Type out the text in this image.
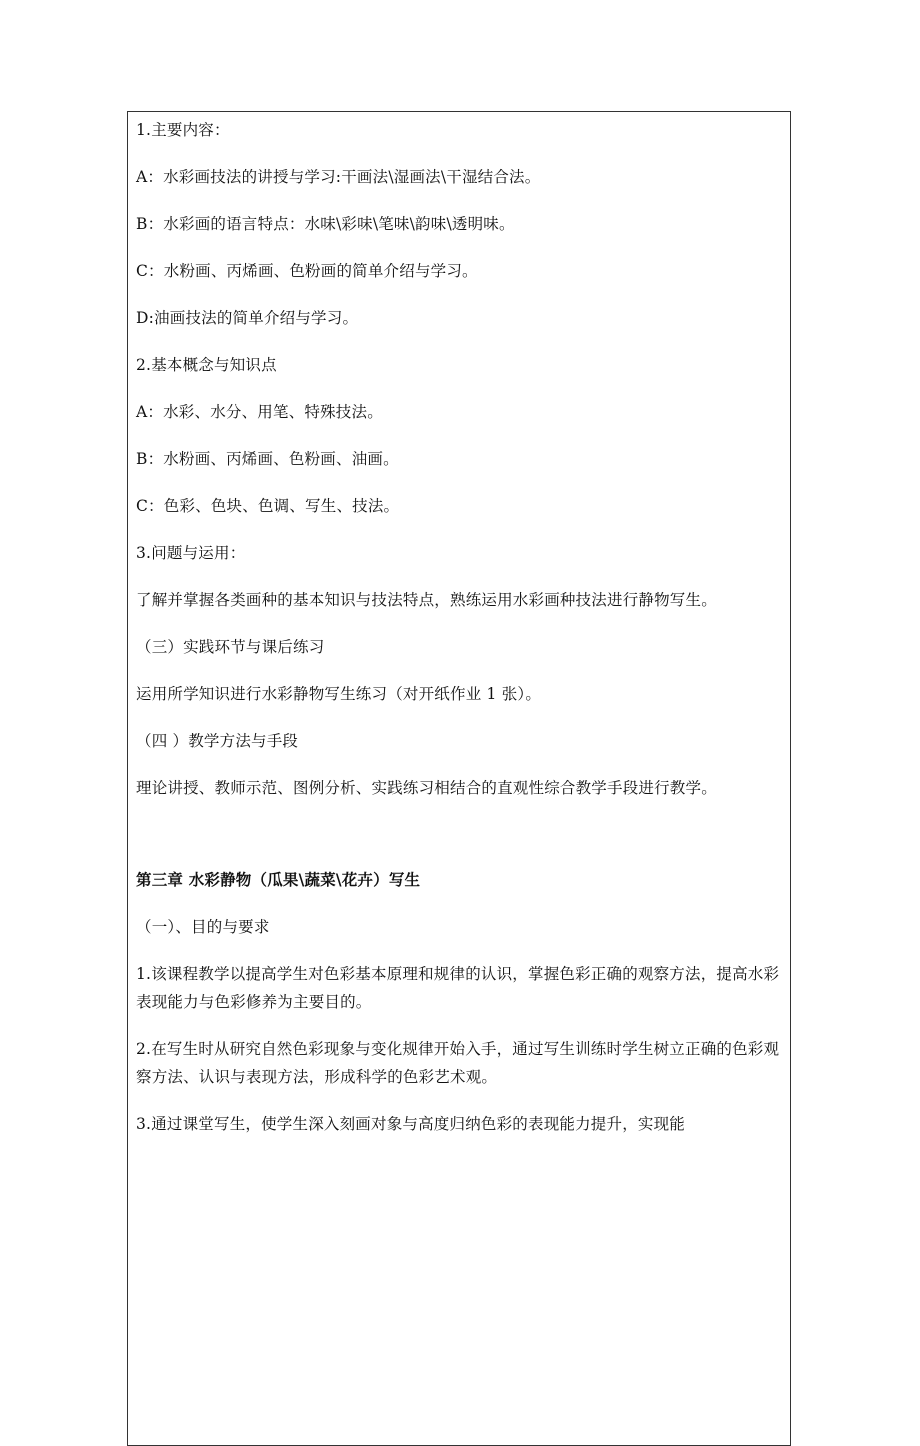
1.主要内容：

A：水彩画技法的讲授与学习:干画法\湿画法\干湿结合法。

B：水彩画的语言特点：水味\彩味\笔味\韵味\透明味。

C：水粉画、丙烯画、色粉画的简单介绍与学习。

D:油画技法的简单介绍与学习。

2.基本概念与知识点

A：水彩、水分、用笔、特殊技法。

B：水粉画、丙烯画、色粉画、油画。

C：色彩、色块、色调、写生、技法。

3.问题与运用：

了解并掌握各类画种的基本知识与技法特点，熟练运用水彩画种技法进行静物写生。

（三）实践环节与课后练习

运用所学知识进行水彩静物写生练习（对开纸作业 1 张）。

（四 ）教学方法与手段

理论讲授、教师示范、图例分析、实践练习相结合的直观性综合教学手段进行教学。

第三章 水彩静物（瓜果\蔬菜\花卉）写生

（一）、目的与要求

1.该课程教学以提高学生对色彩基本原理和规律的认识，掌握色彩正确的观察方法，提高水彩表现能力与色彩修养为主要目的。

2.在写生时从研究自然色彩现象与变化规律开始入手，通过写生训练时学生树立正确的色彩观察方法、认识与表现方法，形成科学的色彩艺术观。

3.通过课堂写生，使学生深入刻画对象与高度归纳色彩的表现能力提升，实现能
